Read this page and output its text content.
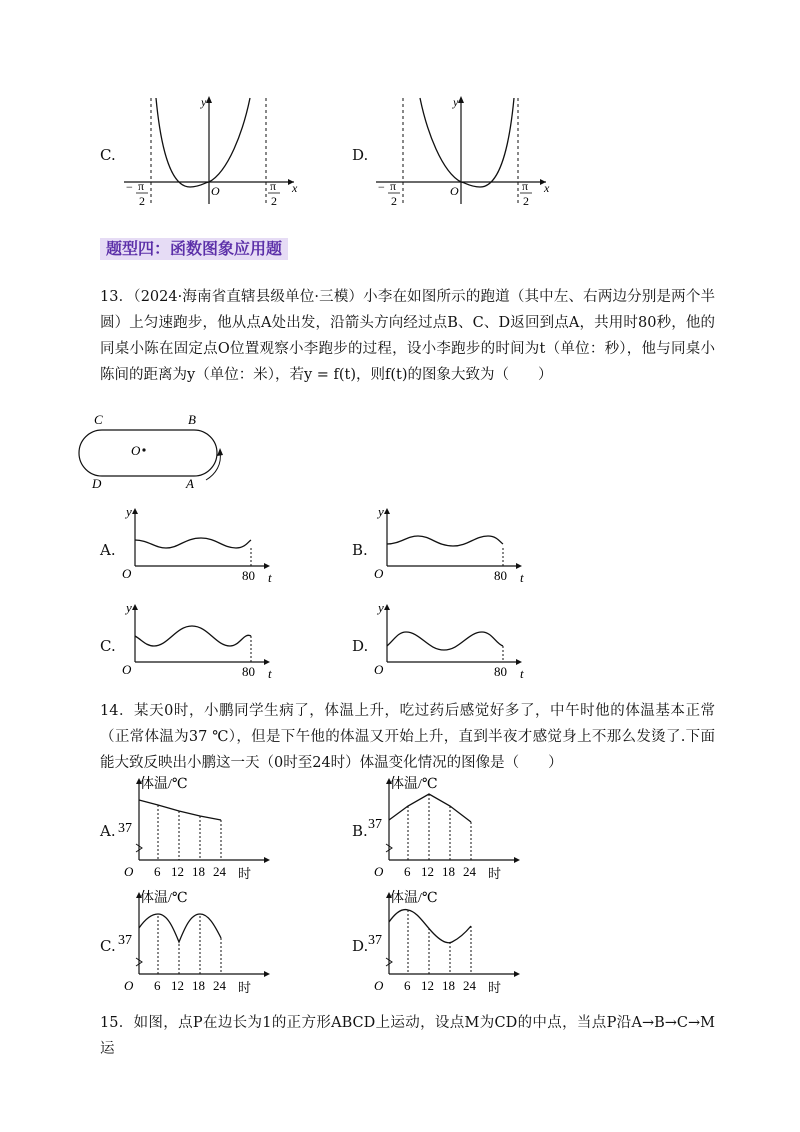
C.
y
x
O
− π
2
π
2
D.
y
x
O
− π
2
π
2
题型四：函数图象应用题
13．（2024·海南省直辖县级单位·三模）小李在如图所示的跑道（其中左、右两边分别是两个半圆）上匀速跑步，他从点A处出发，沿箭头方向经过点B、C、D返回到点A，共用时80秒，他的同桌小陈在固定点O位置观察小李跑步的过程，设小李跑步的时间为t（单位：秒），他与同桌小陈间的距离为y（单位：米），若y = f(t)，则f(t)的图象大致为（　　）
C	B
D	A
O
A.
y
O	80 t
B.
y
O	80 t
C.
y
O	80 t
D.
y
O	80 t
14．某天0时，小鹏同学生病了，体温上升，吃过药后感觉好多了，中午时他的体温基本正常（正常体温为37 ℃），但是下午他的体温又开始上升，直到半夜才感觉身上不那么发烫了.下面能大致反映出小鹏这一天（0时至24时）体温变化情况的图像是（　　）
A.
体温/℃
37
O 6 12 18 24 时
B.
体温/℃
37
O 6 12 18 24 时
C.
体温/℃
37
O 6 12 18 24 时
D.
体温/℃
37
O 6 12 18 24 时
15．如图，点P在边长为1的正方形ABCD上运动，设点M为CD的中点，当点P沿A→B→C→M运
